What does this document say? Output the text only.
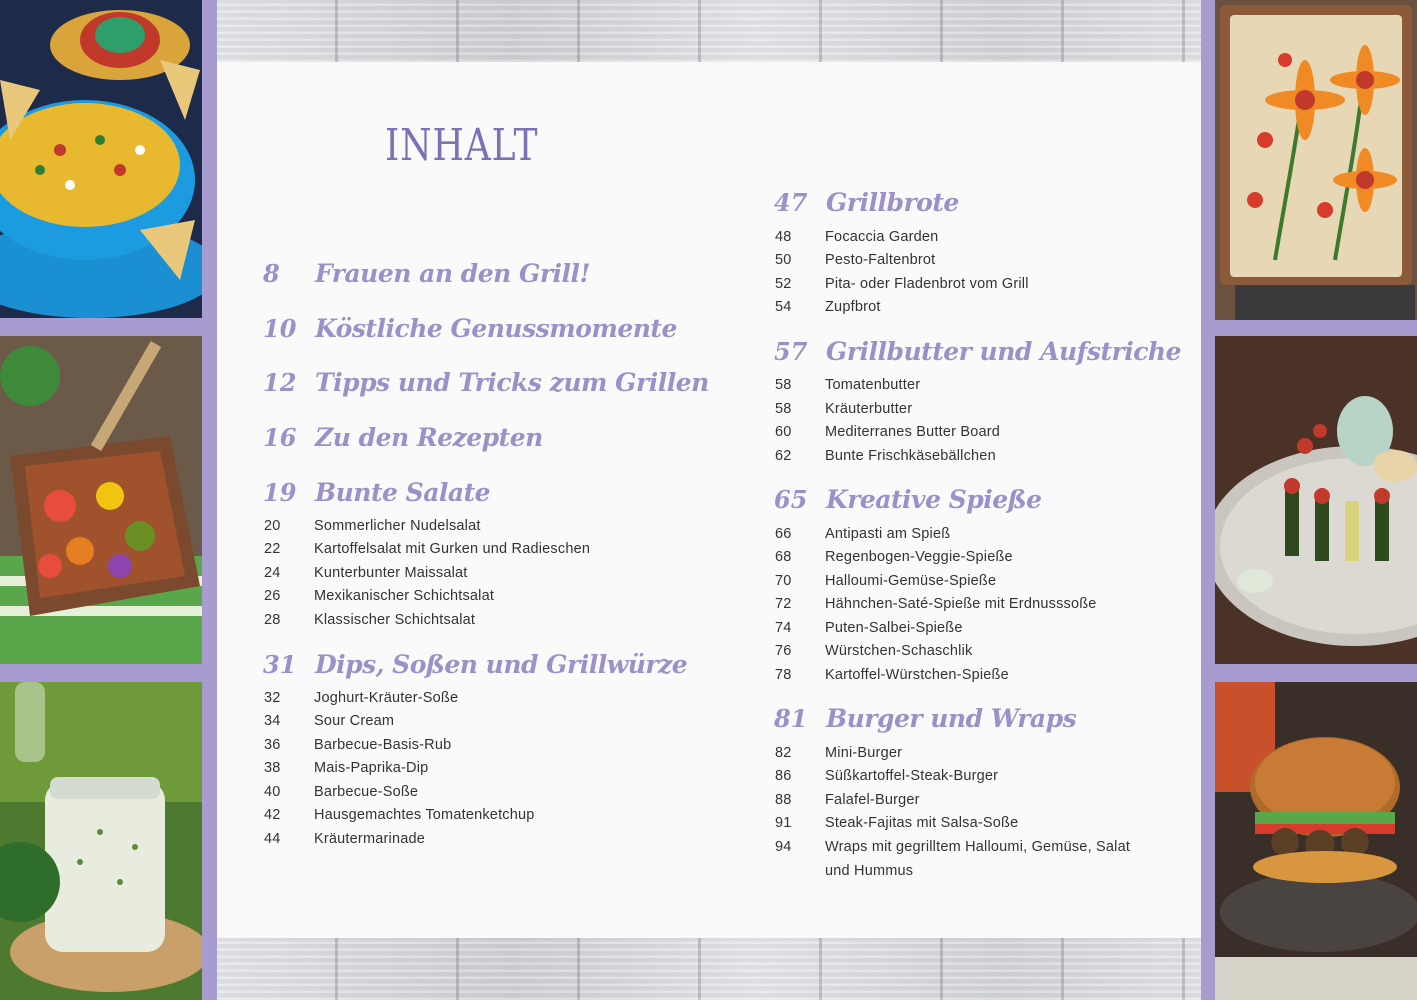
INHALT
8	Frauen an den Grill!
10 Köstliche Genussmomente
12 Tipps und Tricks zum Grillen
16 Zu den Rezepten
19 Bunte Salate
20	Sommerlicher Nudelsalat
22	Kartoffelsalat mit Gurken und Radieschen
24	Kunterbunter Maissalat
26	Mexikanischer Schichtsalat
28	Klassischer Schichtsalat
31 Dips, Soßen und Grillwürze
32	Joghurt-Kräuter-Soße
34	Sour Cream
36	Barbecue-Basis-Rub
38	Mais-Paprika-Dip
40	Barbecue-Soße
42	Hausgemachtes Tomatenketchup
44	Kräutermarinade
47 Grillbrote
48	Focaccia Garden
50	Pesto-Faltenbrot
52	Pita- oder Fladenbrot vom Grill
54	Zupfbrot
57 Grillbutter und Aufstriche
58	Tomatenbutter
58	Kräuterbutter
60	Mediterranes Butter Board
62	Bunte Frischkäsebällchen
65 Kreative Spieße
66	Antipasti am Spieß
68	Regenbogen-Veggie-Spieße
70	Halloumi-Gemüse-Spieße
72	Hähnchen-Saté-Spieße mit Erdnusssoße
74	Puten-Salbei-Spieße
76	Würstchen-Schaschlik
78	Kartoffel-Würstchen-Spieße
81 Burger und Wraps
82	Mini-Burger
86	Süßkartoffel-Steak-Burger
88	Falafel-Burger
91	Steak-Fajitas mit Salsa-Soße
94	Wraps mit gegrilltem Halloumi, Gemüse, Salat und Hummus
